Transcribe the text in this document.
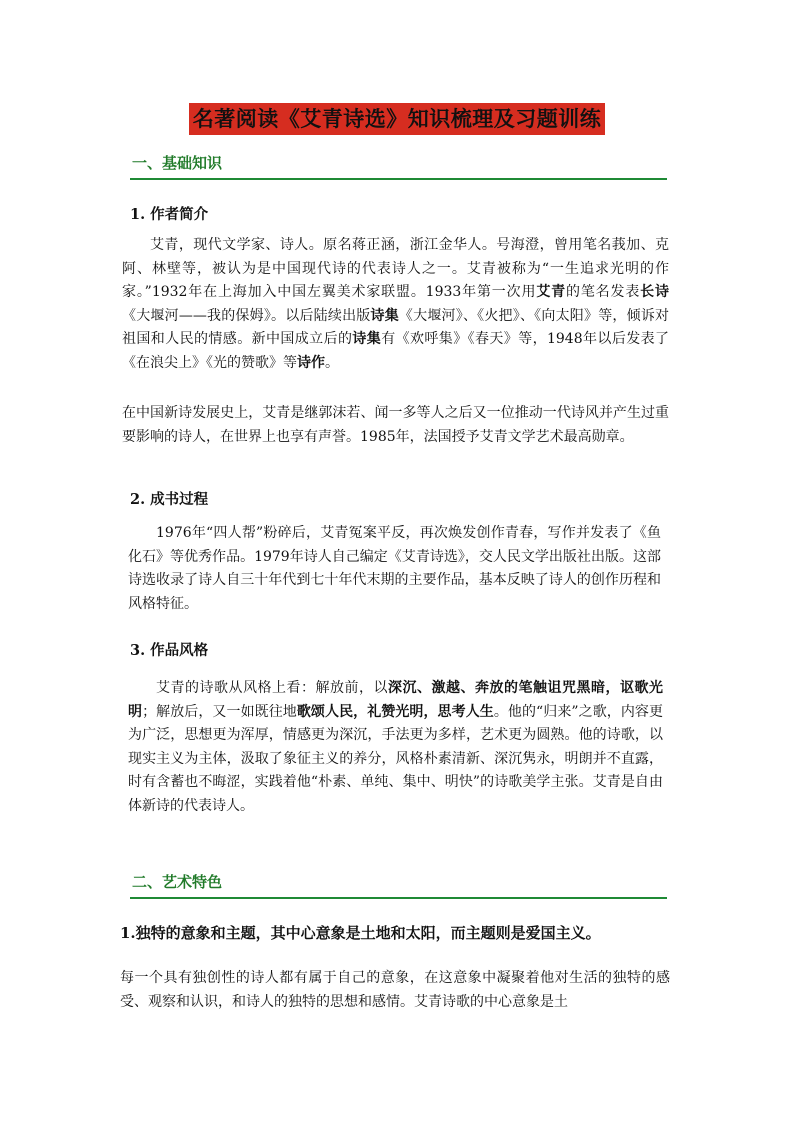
名著阅读《艾青诗选》知识梳理及习题训练
一、基础知识
1. 作者简介
艾青，现代文学家、诗人。原名蒋正涵，浙江金华人。号海澄，曾用笔名莪加、克阿、林壁等，被认为是中国现代诗的代表诗人之一。艾青被称为“一生追求光明的作家。”1932年在上海加入中国左翼美术家联盟。1933年第一次用艾青的笔名发表长诗《大堰河——我的保姆》。以后陆续出版诗集《大堰河》、《火把》、《向太阳》等，倾诉对祖国和人民的情感。新中国成立后的诗集有《欢呼集》《春天》等，1948年以后发表了《在浪尖上》《光的赞歌》等诗作。
在中国新诗发展史上，艾青是继郭沫若、闻一多等人之后又一位推动一代诗风并产生过重要影响的诗人，在世界上也享有声誉。1985年，法国授予艾青文学艺术最高勋章。
2. 成书过程
1976年“四人帮”粉碎后，艾青冤案平反，再次焕发创作青春，写作并发表了《鱼化石》等优秀作品。1979年诗人自己编定《艾青诗选》，交人民文学出版社出版。这部诗选收录了诗人自三十年代到七十年代末期的主要作品，基本反映了诗人的创作历程和风格特征。
3. 作品风格
艾青的诗歌从风格上看：解放前，以深沉、激越、奔放的笔触诅咒黑暗，讴歌光明；解放后，又一如既往地歌颂人民，礼赞光明，思考人生。他的“归来”之歌，内容更为广泛，思想更为浑厚，情感更为深沉，手法更为多样，艺术更为圆熟。他的诗歌，以现实主义为主体，汲取了象征主义的养分，风格朴素清新、深沉隽永，明朗并不直露，时有含蓄也不晦涩，实践着他“朴素、单纯、集中、明快”的诗歌美学主张。艾青是自由体新诗的代表诗人。
二、艺术特色
1.独特的意象和主题，其中心意象是土地和太阳，而主题则是爱国主义。
每一个具有独创性的诗人都有属于自己的意象，在这意象中凝聚着他对生活的独特的感受、观察和认识，和诗人的独特的思想和感情。艾青诗歌的中心意象是土
